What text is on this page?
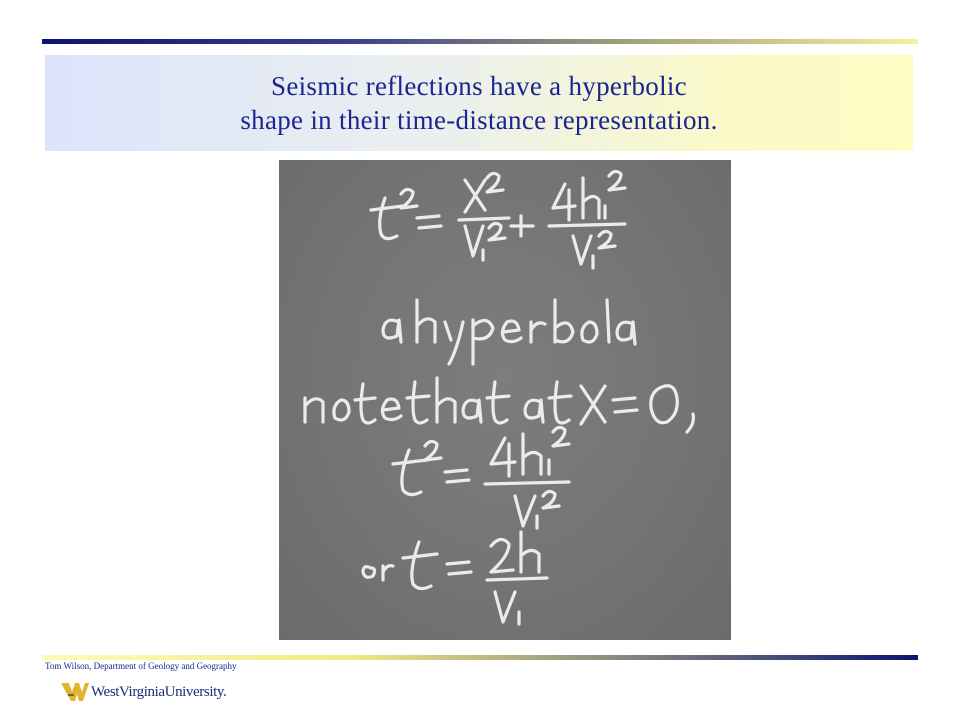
Seismic reflections have a hyperbolic
shape in their time-distance representation.
Tom Wilson, Department of Geology and Geography
WestVirginiaUniversity.
